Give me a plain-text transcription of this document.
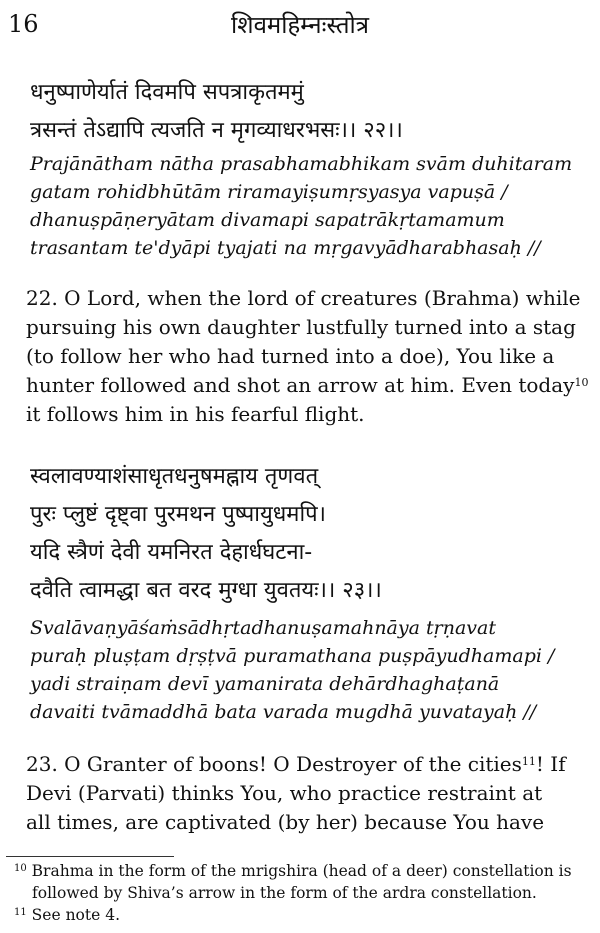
16	शिवमहिम्नःस्तोत्र
धनुष्पाणेर्यातं दिवमपि सपत्राकृतममुं
त्रसन्तं तेऽद्यापि त्यजति न मृगव्याधरभसः।। २२।।
Prajānātham nātha prasabhamabhikam svām duhitaram
gatam rohidbhūtām riramayiṣumṛsyasya vapuṣā /
dhanuṣpāṇeryātam divamapi sapatrākṛtamamum
trasantam te'dyāpi tyajati na mṛgavyādharabhasaḥ //
22. O Lord, when the lord of creatures (Brahma) while
pursuing his own daughter lustfully turned into a stag
(to follow her who had turned into a doe), You like a
hunter followed and shot an arrow at him. Even today$^{10}$
it follows him in his fearful flight.
स्वलावण्याशंसाधृतधनुषमह्नाय तृणवत्
पुरः प्लुष्टं दृष्ट्वा पुरमथन पुष्पायुधमपि।
यदि स्त्रैणं देवी यमनिरत देहार्धघटना-
दवैति त्वामद्धा बत वरद मुग्धा युवतयः।। २३।।
Svalāvaṇyāśaṁsādhṛtadhanuṣamahnāya tṛṇavat
puraḥ pluṣṭam dṛṣṭvā puramathana puṣpāyudhamapi /
yadi straiṇam devī yamanirata dehārdhaghaṭanā
davaiti tvāmaddhā bata varada mugdhā yuvatayaḥ //
23. O Granter of boons! O Destroyer of the cities$^{11}$! If
Devi (Parvati) thinks You, who practice restraint at
all times, are captivated (by her) because You have
$^{10}$ Brahma in the form of the mrigshira (head of a deer) constellation is
followed by Shiva’s arrow in the form of the ardra constellation.
$^{11}$ See note 4.
